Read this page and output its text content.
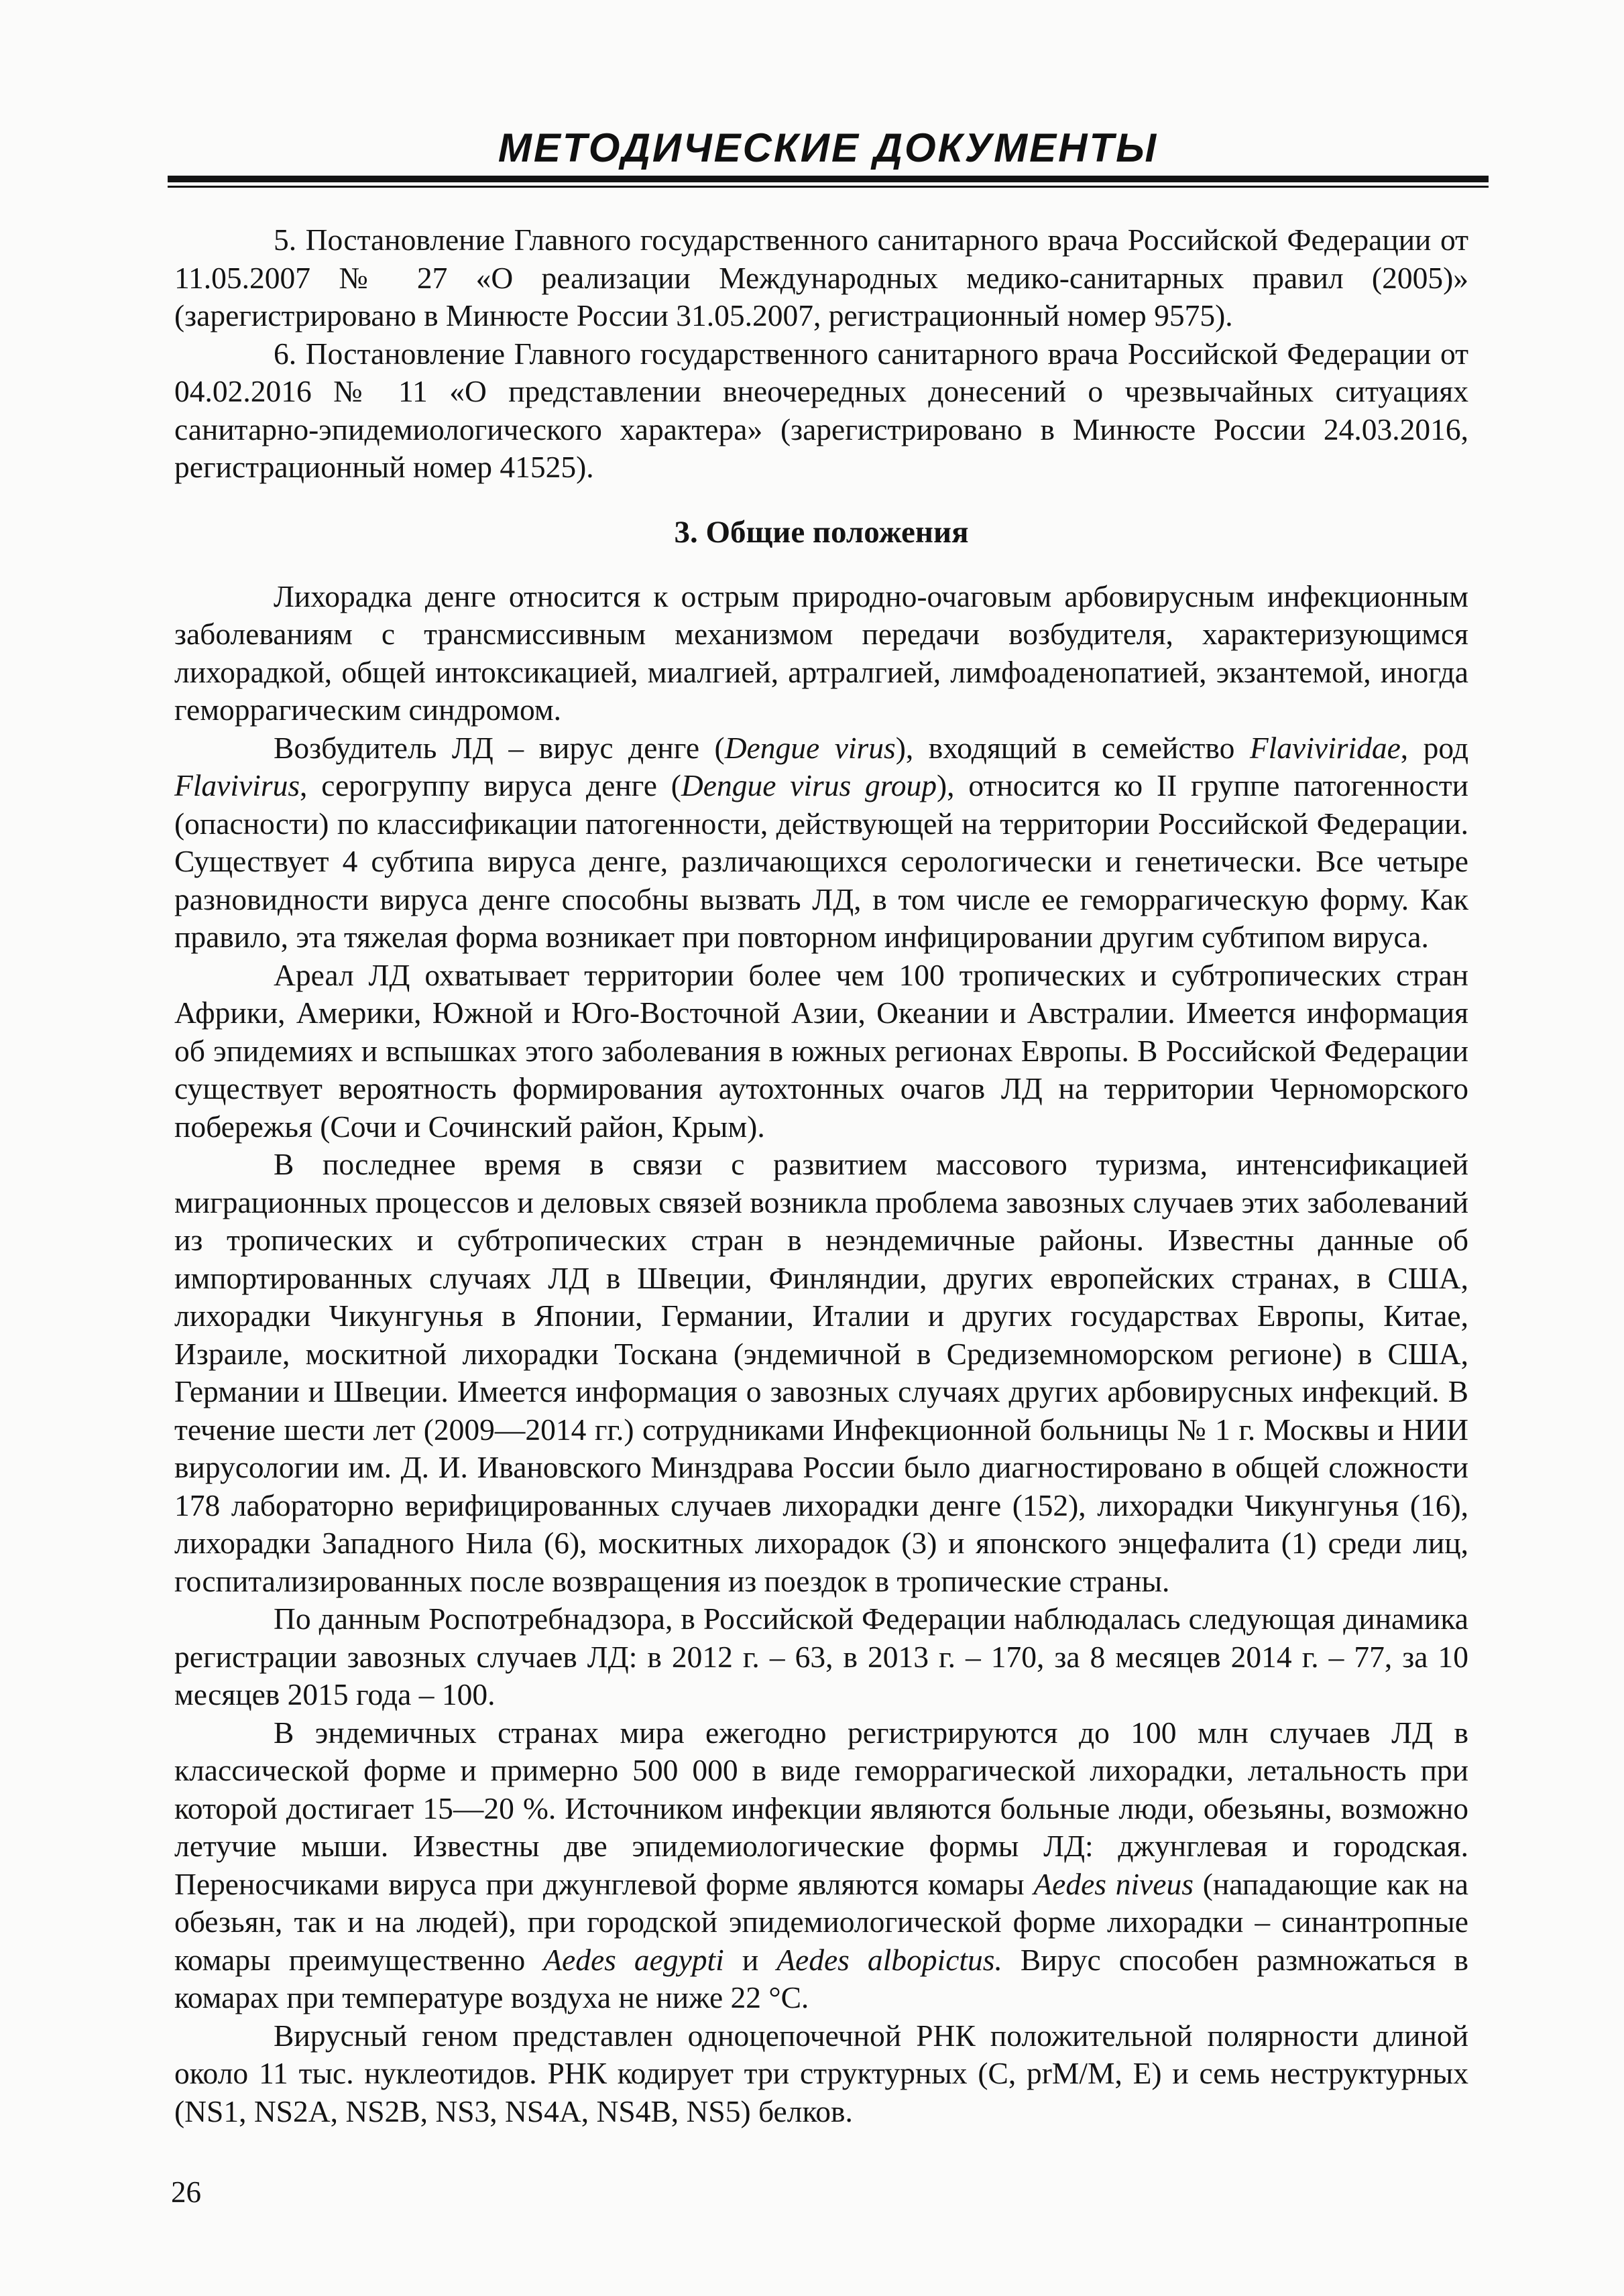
МЕТОДИЧЕСКИЕ ДОКУМЕНТЫ

5. Постановление Главного государственного санитарного врача Российской Федерации от 11.05.2007 № 27 «О реализации Международных медико-санитарных правил (2005)» (зарегистрировано в Минюсте России 31.05.2007, регистрационный номер 9575).

6. Постановление Главного государственного санитарного врача Российской Федерации от 04.02.2016 № 11 «О представлении внеочередных донесений о чрезвычайных ситуациях санитарно-эпидемиологического характера» (зарегистрировано в Минюсте России 24.03.2016, регистрационный номер 41525).

3. Общие положения

Лихорадка денге относится к острым природно-очаговым арбовирусным инфекционным заболеваниям с трансмиссивным механизмом передачи возбудителя, характеризующимся лихорадкой, общей интоксикацией, миалгией, артралгией, лимфоаденопатией, экзантемой, иногда геморрагическим синдромом.

Возбудитель ЛД – вирус денге (Dengue virus), входящий в семейство Flaviviridae, род Flavivirus, серогруппу вируса денге (Dengue virus group), относится ко II группе патогенности (опасности) по классификации патогенности, действующей на территории Российской Федерации. Существует 4 субтипа вируса денге, различающихся серологически и генетически. Все четыре разновидности вируса денге способны вызвать ЛД, в том числе ее геморрагическую форму. Как правило, эта тяжелая форма возникает при повторном инфицировании другим субтипом вируса.

Ареал ЛД охватывает территории более чем 100 тропических и субтропических стран Африки, Америки, Южной и Юго-Восточной Азии, Океании и Австралии. Имеется информация об эпидемиях и вспышках этого заболевания в южных регионах Европы. В Российской Федерации существует вероятность формирования аутохтонных очагов ЛД на территории Черноморского побережья (Сочи и Сочинский район, Крым).

В последнее время в связи с развитием массового туризма, интенсификацией миграционных процессов и деловых связей возникла проблема завозных случаев этих заболеваний из тропических и субтропических стран в неэндемичные районы. Известны данные об импортированных случаях ЛД в Швеции, Финляндии, других европейских странах, в США, лихорадки Чикунгунья в Японии, Германии, Италии и других государствах Европы, Китае, Израиле, москитной лихорадки Тоскана (эндемичной в Средиземноморском регионе) в США, Германии и Швеции. Имеется информация о завозных случаях других арбовирусных инфекций. В течение шести лет (2009—2014 гг.) сотрудниками Инфекционной больницы № 1 г. Москвы и НИИ вирусологии им. Д. И. Ивановского Минздрава России было диагностировано в общей сложности 178 лабораторно верифицированных случаев лихорадки денге (152), лихорадки Чикунгунья (16), лихорадки Западного Нила (6), москитных лихорадок (3) и японского энцефалита (1) среди лиц, госпитализированных после возвращения из поездок в тропические страны.

По данным Роспотребнадзора, в Российской Федерации наблюдалась следующая динамика регистрации завозных случаев ЛД: в 2012 г. – 63, в 2013 г. – 170, за 8 месяцев 2014 г. – 77, за 10 месяцев 2015 года – 100.

В эндемичных странах мира ежегодно регистрируются до 100 млн случаев ЛД в классической форме и примерно 500 000 в виде геморрагической лихорадки, летальность при которой достигает 15—20 %. Источником инфекции являются больные люди, обезьяны, возможно летучие мыши. Известны две эпидемиологические формы ЛД: джунглевая и городская. Переносчиками вируса при джунглевой форме являются комары Aedes niveus (нападающие как на обезьян, так и на людей), при городской эпидемиологической форме лихорадки – синантропные комары преимущественно Aedes aegypti и Aedes albopictus. Вирус способен размножаться в комарах при температуре воздуха не ниже 22 °С.

Вирусный геном представлен одноцепочечной РНК положительной полярности длиной около 11 тыс. нуклеотидов. РНК кодирует три структурных (С, prM/M, Е) и семь неструктурных (NS1, NS2A, NS2B, NS3, NS4A, NS4B, NS5) белков.

26
